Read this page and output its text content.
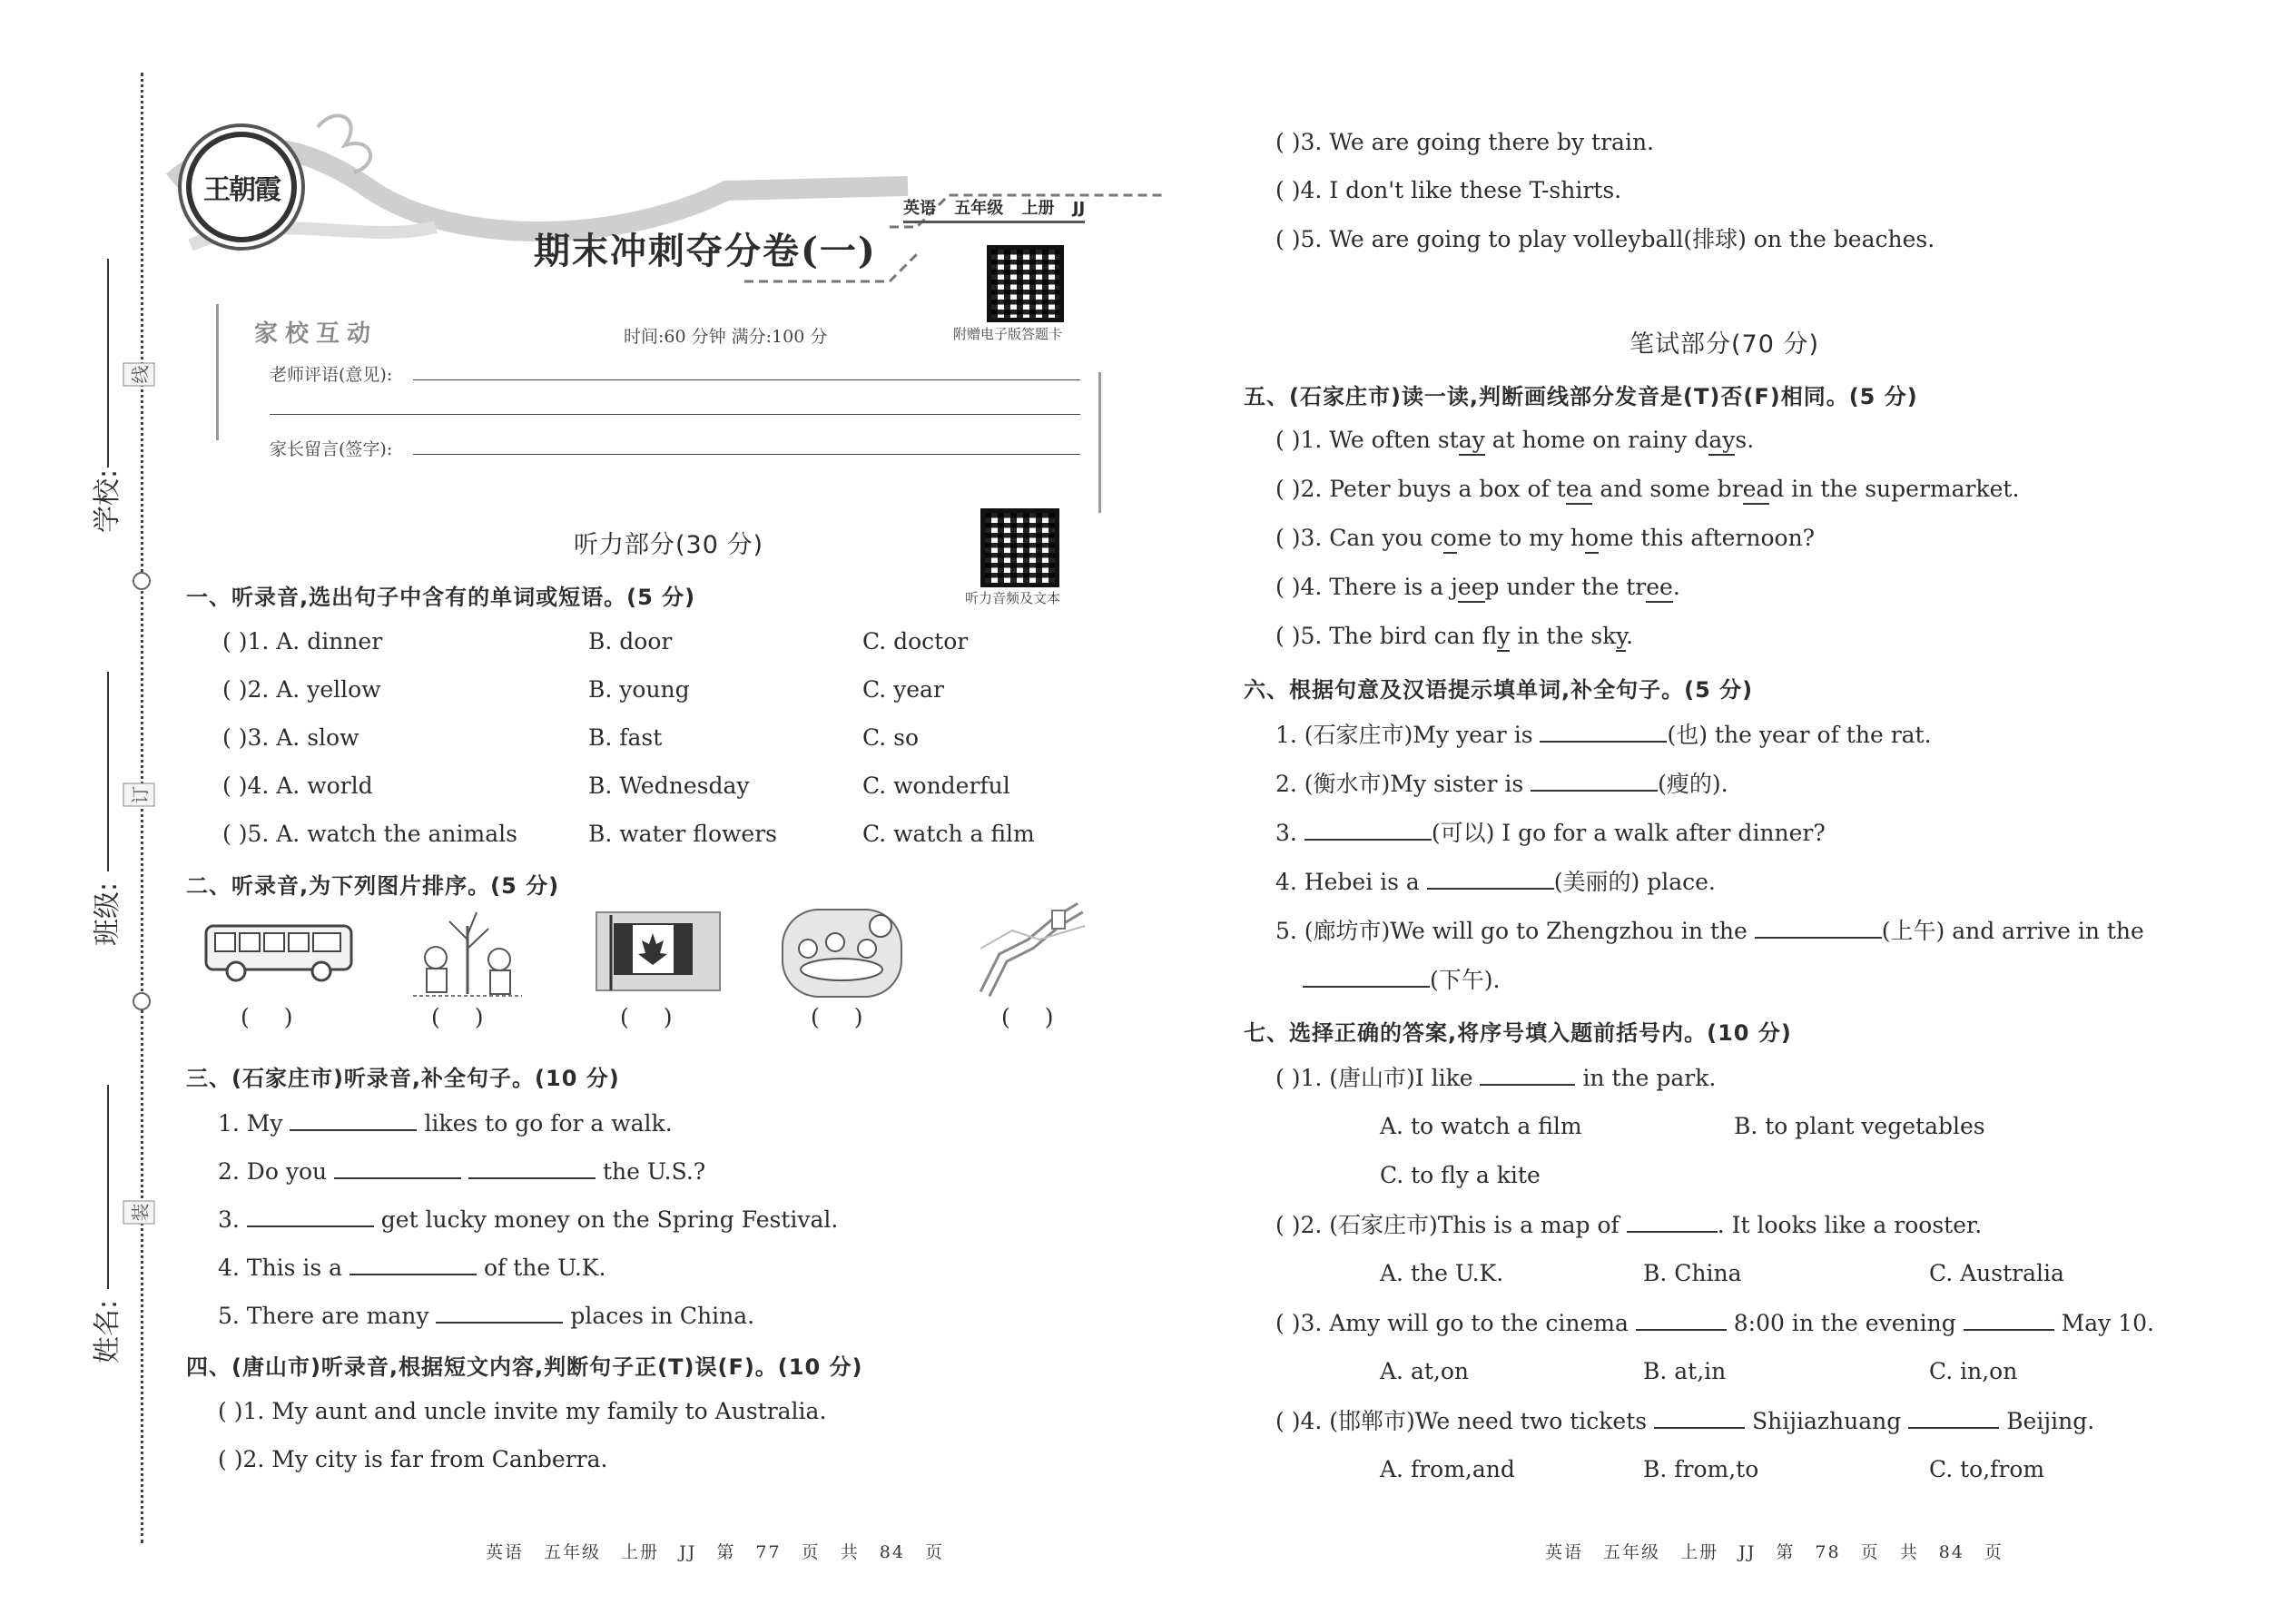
学校:
线
班级:
订
姓名:
装
王朝霞
期末冲刺夺分卷(一)
英语 五年级 上册 JJ
附赠电子版答题卡
家校互动	时间:60 分钟 满分:100 分
老师评语(意见):
家长留言(签字):
听力部分(30 分)
听力音频及文本
一、听录音,选出句子中含有的单词或短语。(5 分)
( )1. A. dinner	B. door	C. doctor
( )2. A. yellow	B. young	C. year
( )3. A. slow	B. fast	C. so
( )4. A. world	B. Wednesday	C. wonderful
( )5. A. watch the animals	B. water flowers	C. watch a film
二、听录音,为下列图片排序。(5 分)
( )	( )	( )	( )	( )
三、(石家庄市)听录音,补全句子。(10 分)
1. My	likes to go for a walk.
2. Do you	the U.S.?
3.	get lucky money on the Spring Festival.
4. This is a	of the U.K.
5. There are many	places in China.
四、(唐山市)听录音,根据短文内容,判断句子正(T)误(F)。(10 分)
( )1. My aunt and uncle invite my family to Australia.
( )2. My city is far from Canberra.
英语 五年级 上册 JJ 第 77 页 共 84 页
( )3. We are going there by train.
( )4. I don't like these T-shirts.
( )5. We are going to play volleyball(排球) on the beaches.
笔试部分(70 分)
五、(石家庄市)读一读,判断画线部分发音是(T)否(F)相同。(5 分)
( )1. We often stay at home on rainy days.
( )2. Peter buys a box of tea and some bread in the supermarket.
( )3. Can you come to my home this afternoon?
( )4. There is a jeep under the tree.
( )5. The bird can fly in the sky.
六、根据句意及汉语提示填单词,补全句子。(5 分)
1. (石家庄市)My year is	(也) the year of the rat.
2. (衡水市)My sister is	(瘦的).
3.	(可以) I go for a walk after dinner?
4. Hebei is a	(美丽的) place.
5. (廊坊市)We will go to Zhengzhou in the	(上午) and arrive in the
(下午).
七、选择正确的答案,将序号填入题前括号内。(10 分)
( )1. (唐山市)I like	in the park.
A. to watch a film	B. to plant vegetables
C. to fly a kite
( )2. (石家庄市)This is a map of	. It looks like a rooster.
A. the U.K.	B. China	C. Australia
( )3. Amy will go to the cinema	8:00 in the evening	May 10.
A. at,on	B. at,in	C. in,on
( )4. (邯郸市)We need two tickets	Shijiazhuang	Beijing.
A. from,and	B. from,to	C. to,from
英语 五年级 上册 JJ 第 78 页 共 84 页
